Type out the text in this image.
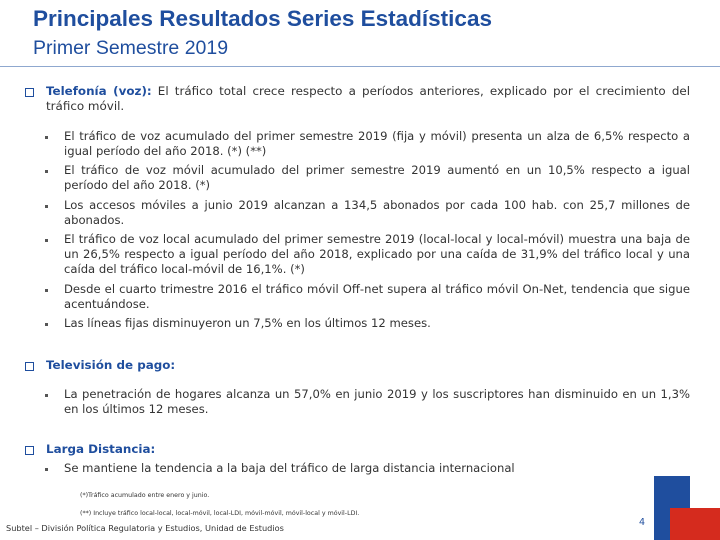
Principales Resultados Series Estadísticas
Primer Semestre 2019
Telefonía (voz): El tráfico total crece respecto a períodos anteriores, explicado por el crecimiento del tráfico móvil.
El tráfico de voz acumulado del primer semestre 2019 (fija y móvil) presenta un alza de 6,5% respecto a igual período del año 2018. (*) (**)
El tráfico de voz móvil acumulado del primer semestre 2019 aumentó en un 10,5% respecto a igual período del año 2018. (*)
Los accesos móviles a junio 2019 alcanzan a 134,5 abonados por cada 100 hab. con 25,7 millones de abonados.
El tráfico de voz local acumulado del primer semestre 2019 (local-local y local-móvil) muestra una baja de un 26,5% respecto a igual período del año 2018, explicado por una caída de 31,9% del tráfico local y una caída del tráfico local-móvil de 16,1%. (*)
Desde el cuarto trimestre 2016 el tráfico móvil Off-net supera al tráfico móvil On-Net, tendencia que sigue acentuándose.
Las líneas fijas disminuyeron un 7,5% en los últimos 12 meses.
Televisión de pago:
La penetración de hogares alcanza un 57,0% en junio 2019 y los suscriptores han disminuido en un 1,3% en los últimos 12 meses.
Larga Distancia:
Se mantiene la tendencia a la baja del tráfico de larga distancia internacional
(*)Tráfico acumulado entre enero y junio.
(**) Incluye tráfico local-local, local-móvil, local-LDI, móvil-móvil, móvil-local y móvil-LDI.
Subtel – División Política Regulatoria y Estudios, Unidad de Estudios	4
